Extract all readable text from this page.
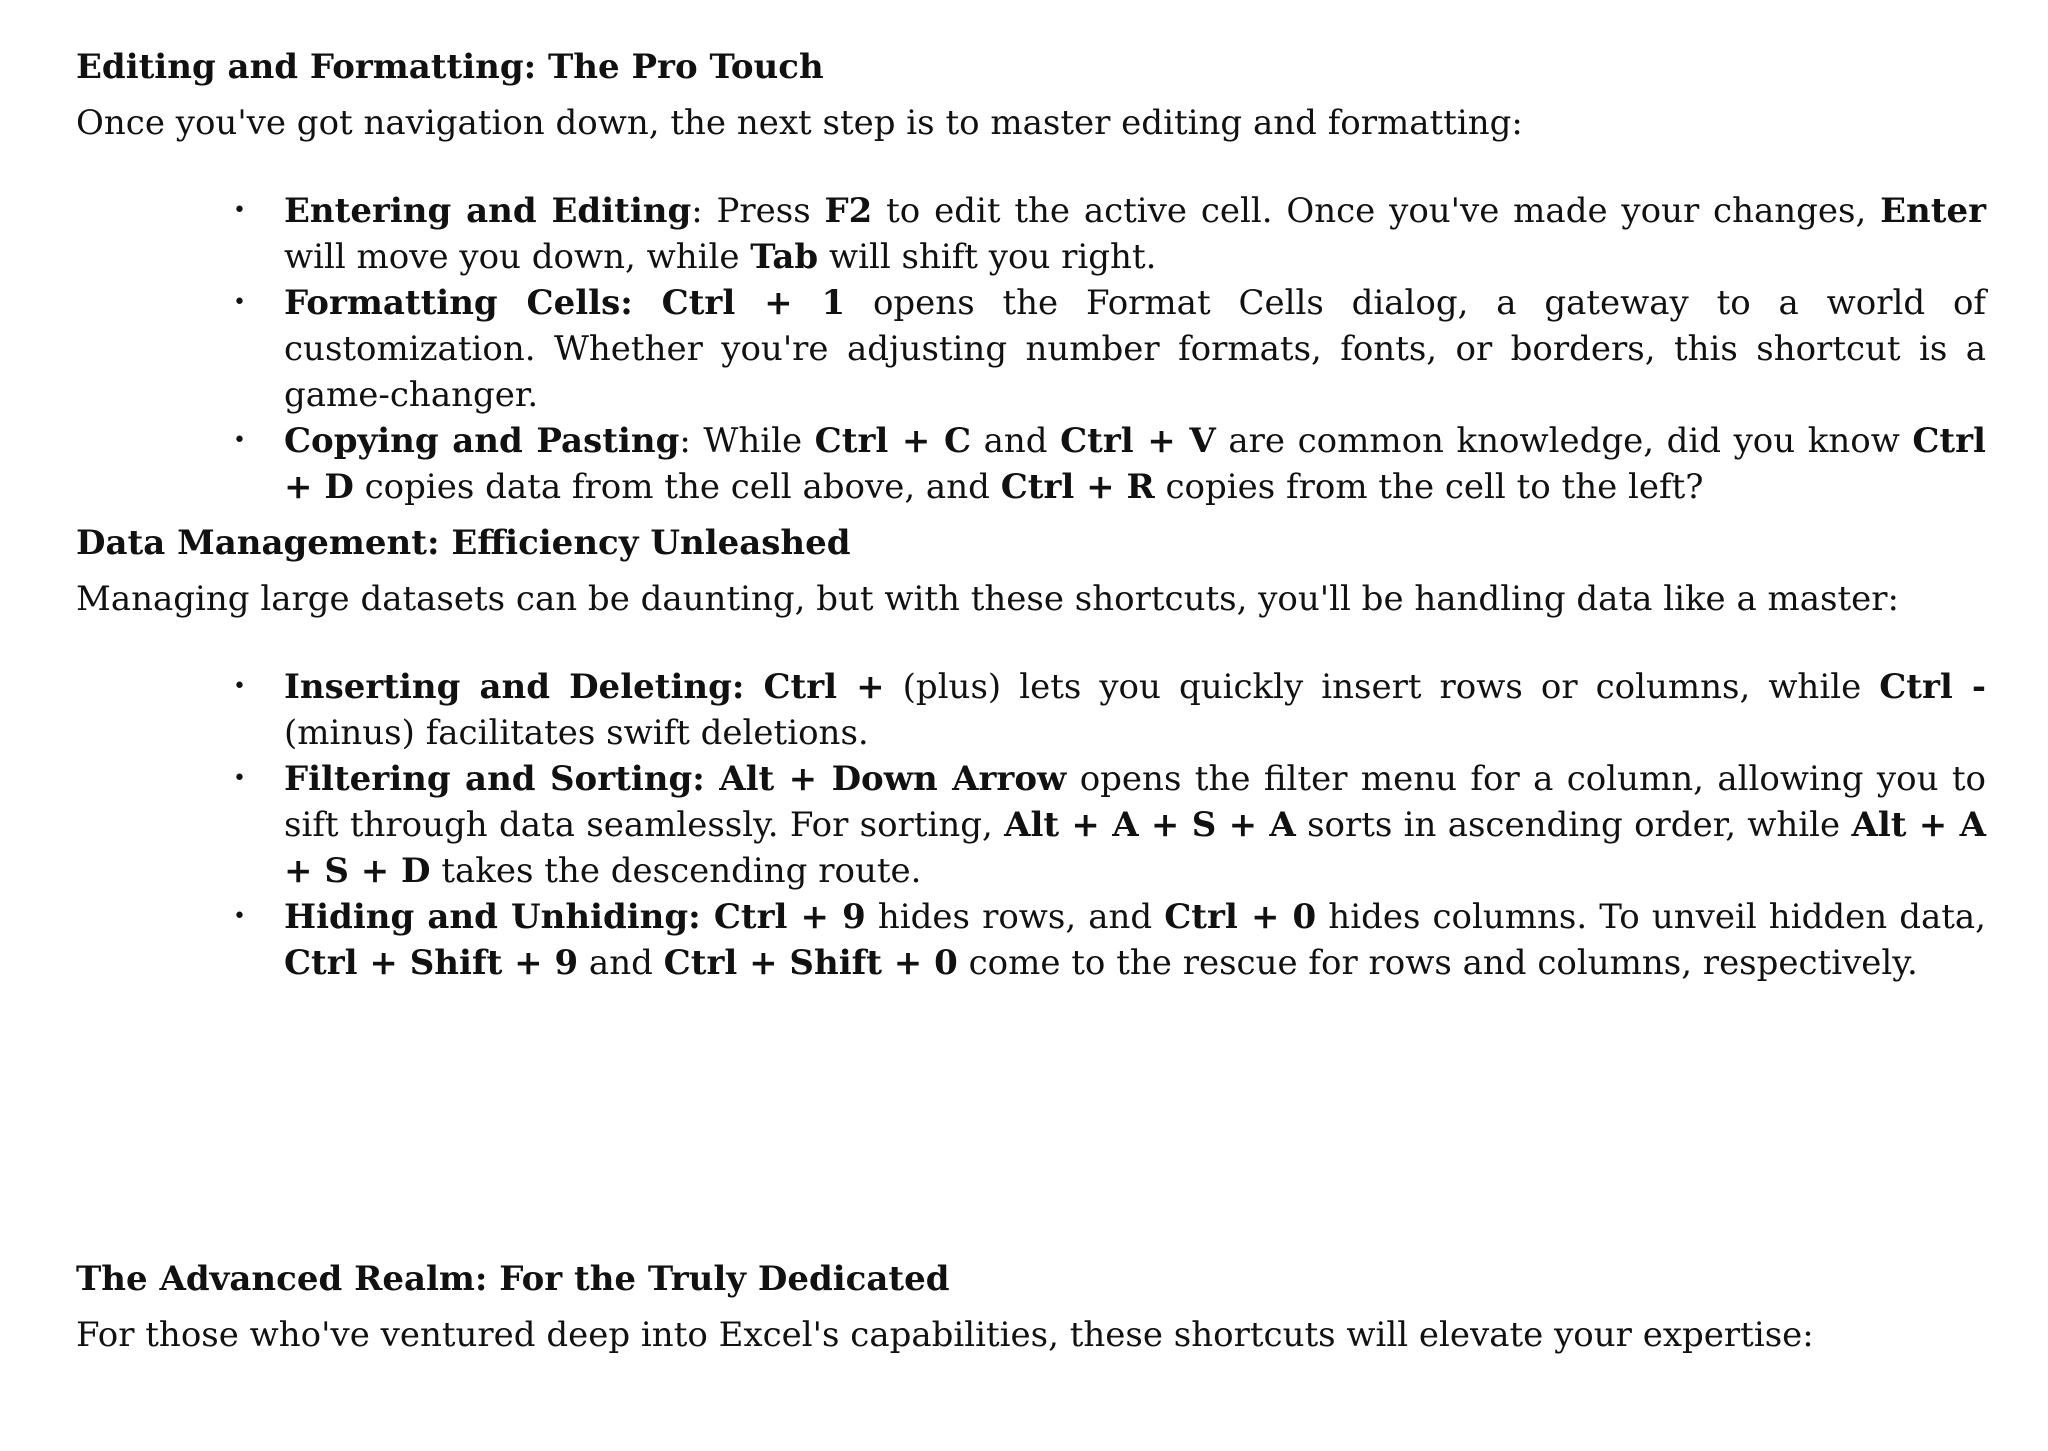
Editing and Formatting: The Pro Touch

Once you've got navigation down, the next step is to master editing and formatting:

• Entering and Editing: Press F2 to edit the active cell. Once you've made your changes, Enter will move you down, while Tab will shift you right.
• Formatting Cells: Ctrl + 1 opens the Format Cells dialog, a gateway to a world of customization. Whether you're adjusting number formats, fonts, or borders, this shortcut is a game-changer.
• Copying and Pasting: While Ctrl + C and Ctrl + V are common knowledge, did you know Ctrl + D copies data from the cell above, and Ctrl + R copies from the cell to the left?
Data Management: Efficiency Unleashed

Managing large datasets can be daunting, but with these shortcuts, you'll be handling data like a master:

• Inserting and Deleting: Ctrl + (plus) lets you quickly insert rows or columns, while Ctrl - (minus) facilitates swift deletions.
• Filtering and Sorting: Alt + Down Arrow opens the filter menu for a column, allowing you to sift through data seamlessly. For sorting, Alt + A + S + A sorts in ascending order, while Alt + A + S + D takes the descending route.
• Hiding and Unhiding: Ctrl + 9 hides rows, and Ctrl + 0 hides columns. To unveil hidden data, Ctrl + Shift + 9 and Ctrl + Shift + 0 come to the rescue for rows and columns, respectively.
The Advanced Realm: For the Truly Dedicated

For those who've ventured deep into Excel's capabilities, these shortcuts will elevate your expertise:
